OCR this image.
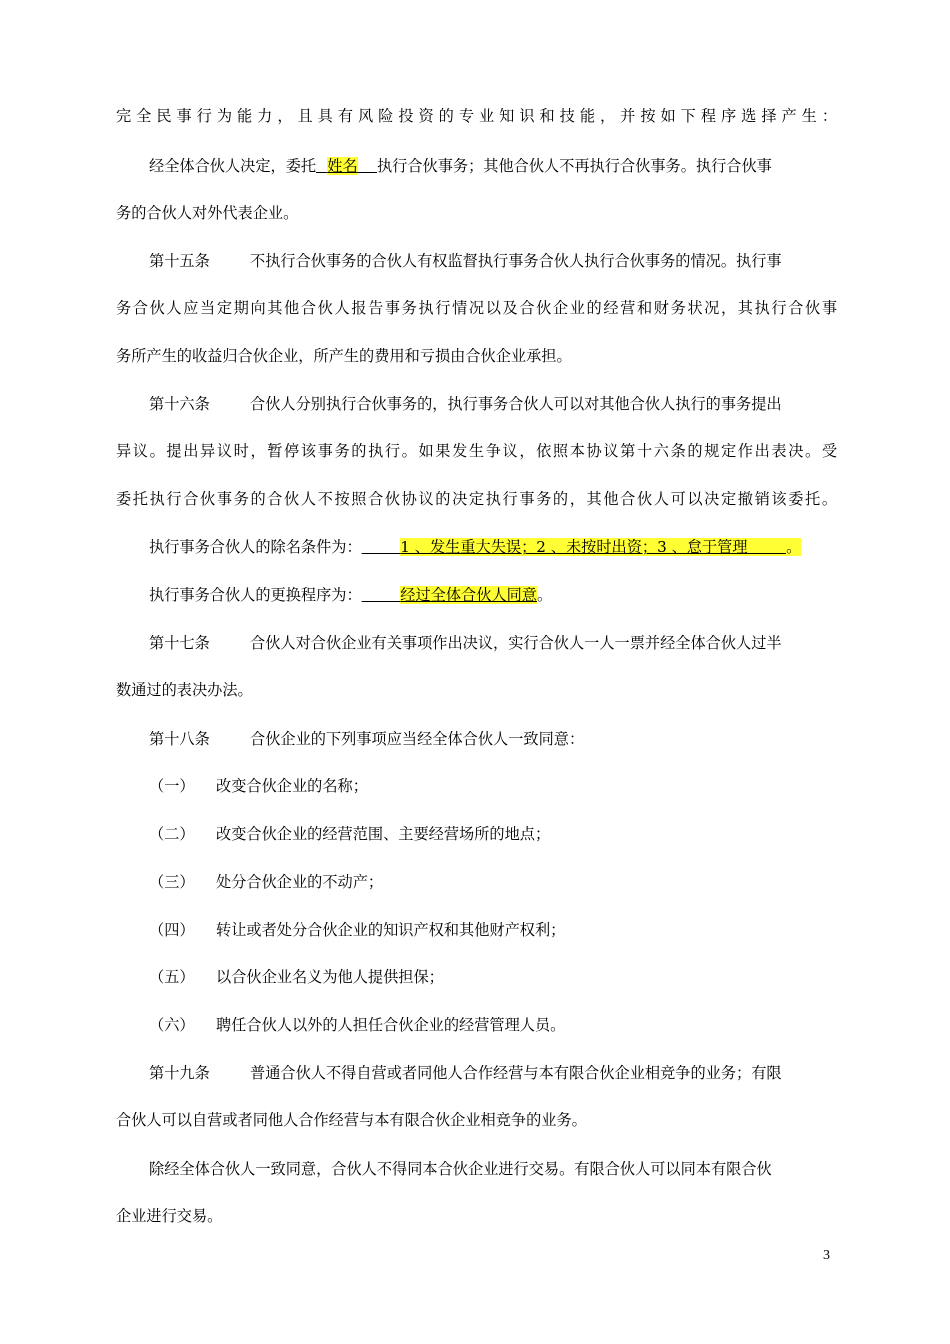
完全民事行为能力，且具有风险投资的专业知识和技能，并按如下程序选择产生：

经全体合伙人决定，委托   姓名   执行合伙事务；其他合伙人不再执行合伙事务。执行合伙事

务的合伙人对外代表企业。

第十五条	不执行合伙事务的合伙人有权监督执行事务合伙人执行合伙事务的情况。执行事

务合伙人应当定期向其他合伙人报告事务执行情况以及合伙企业的经营和财务状况，其执行合伙事

务所产生的收益归合伙企业，所产生的费用和亏损由合伙企业承担。

第十六条	合伙人分别执行合伙事务的，执行事务合伙人可以对其他合伙人执行的事务提出

异议。提出异议时，暂停该事务的执行。如果发生争议，依照本协议第十六条的规定作出表决。受

委托执行合伙事务的合伙人不按照合伙协议的决定执行事务的，其他合伙人可以决定撤销该委托。

执行事务合伙人的除名条件为：    	1 、发生重大失误；2 、未按时出资；3 、怠于管理    	。

执行事务合伙人的更换程序为：    	经过全体合伙人同意。

第十七条	合伙人对合伙企业有关事项作出决议，实行合伙人一人一票并经全体合伙人过半

数通过的表决办法。

第十八条	合伙企业的下列事项应当经全体合伙人一致同意：

（一） 改变合伙企业的名称；

（二） 改变合伙企业的经营范围、主要经营场所的地点；

（三） 处分合伙企业的不动产；

（四） 转让或者处分合伙企业的知识产权和其他财产权利；

（五） 以合伙企业名义为他人提供担保；

（六） 聘任合伙人以外的人担任合伙企业的经营管理人员。

第十九条	普通合伙人不得自营或者同他人合作经营与本有限合伙企业相竞争的业务；有限

合伙人可以自营或者同他人合作经营与本有限合伙企业相竞争的业务。

除经全体合伙人一致同意，合伙人不得同本合伙企业进行交易。有限合伙人可以同本有限合伙

企业进行交易。

3
